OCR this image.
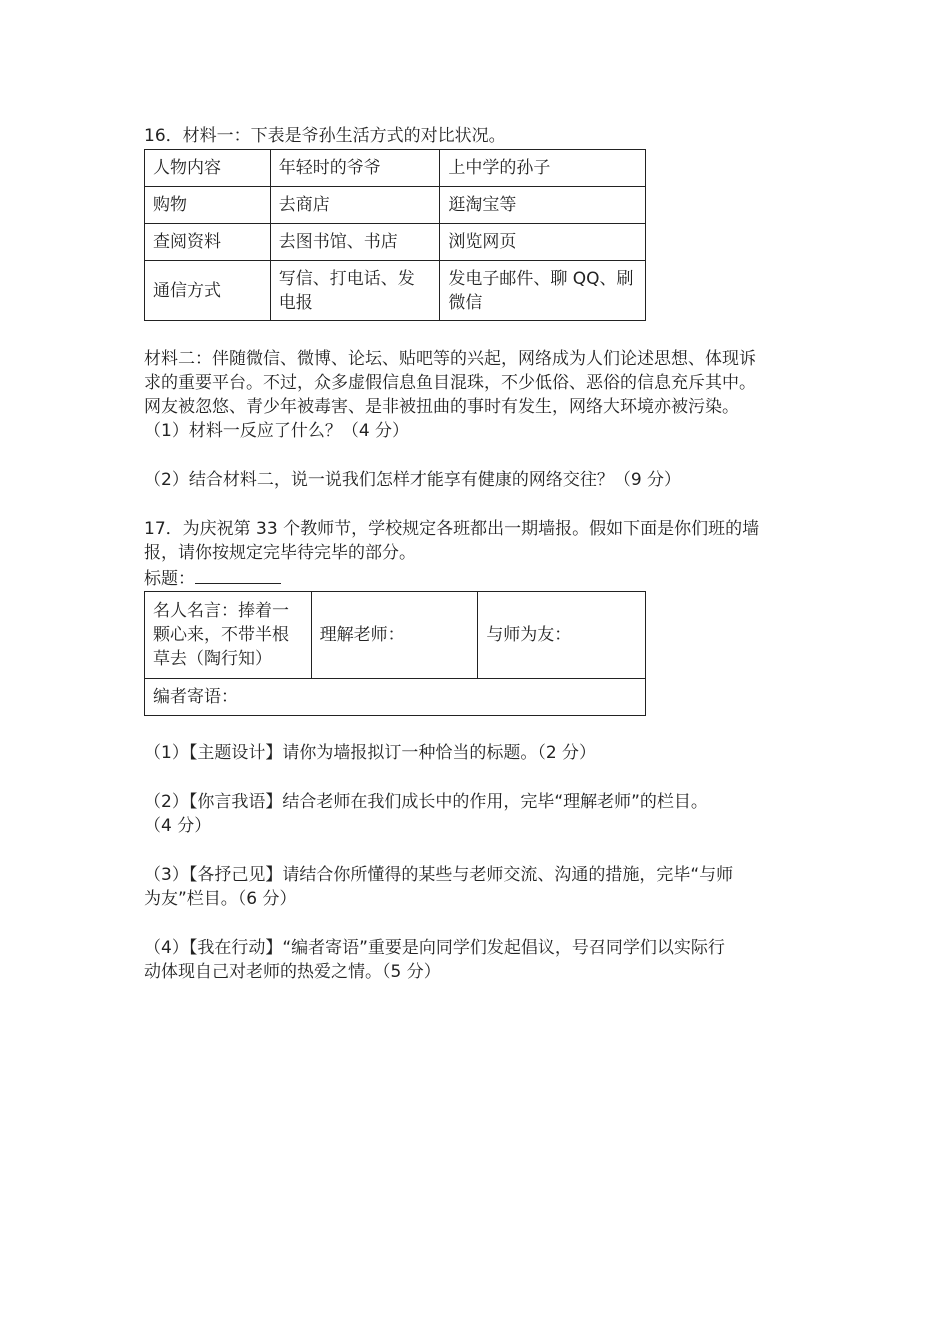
16．材料一：下表是爷孙生活方式的对比状况。

人物内容	年轻时的爷爷	上中学的孙子
购物	去商店	逛淘宝等
查阅资料	去图书馆、书店	浏览网页
通信方式	写信、打电话、发电报	发电子邮件、聊 QQ、刷微信

材料二：伴随微信、微博、论坛、贴吧等的兴起，网络成为人们论述思想、体现诉

求的重要平台。不过，众多虚假信息鱼目混珠，不少低俗、恶俗的信息充斥其中。

网友被忽悠、青少年被毒害、是非被扭曲的事时有发生，网络大环境亦被污染。

（1）材料一反应了什么？（4 分）

（2）结合材料二，说一说我们怎样才能享有健康的网络交往？（9 分）

17．为庆祝第 33 个教师节，学校规定各班都出一期墙报。假如下面是你们班的墙

报，请你按规定完毕待完毕的部分。

标题：

名人名言：捧着一
颗心来，不带半根
草去（陶行知）
	理解老师：	与师为友：
编者寄语：

（1）【主题设计】请你为墙报拟订一种恰当的标题。（2 分）

（2）【你言我语】结合老师在我们成长中的作用，完毕“理解老师”的栏目。

（4 分）

（3）【各抒己见】请结合你所懂得的某些与老师交流、沟通的措施，完毕“与师

为友”栏目。（6 分）

（4）【我在行动】“编者寄语”重要是向同学们发起倡议，号召同学们以实际行

动体现自己对老师的热爱之情。（5 分）
